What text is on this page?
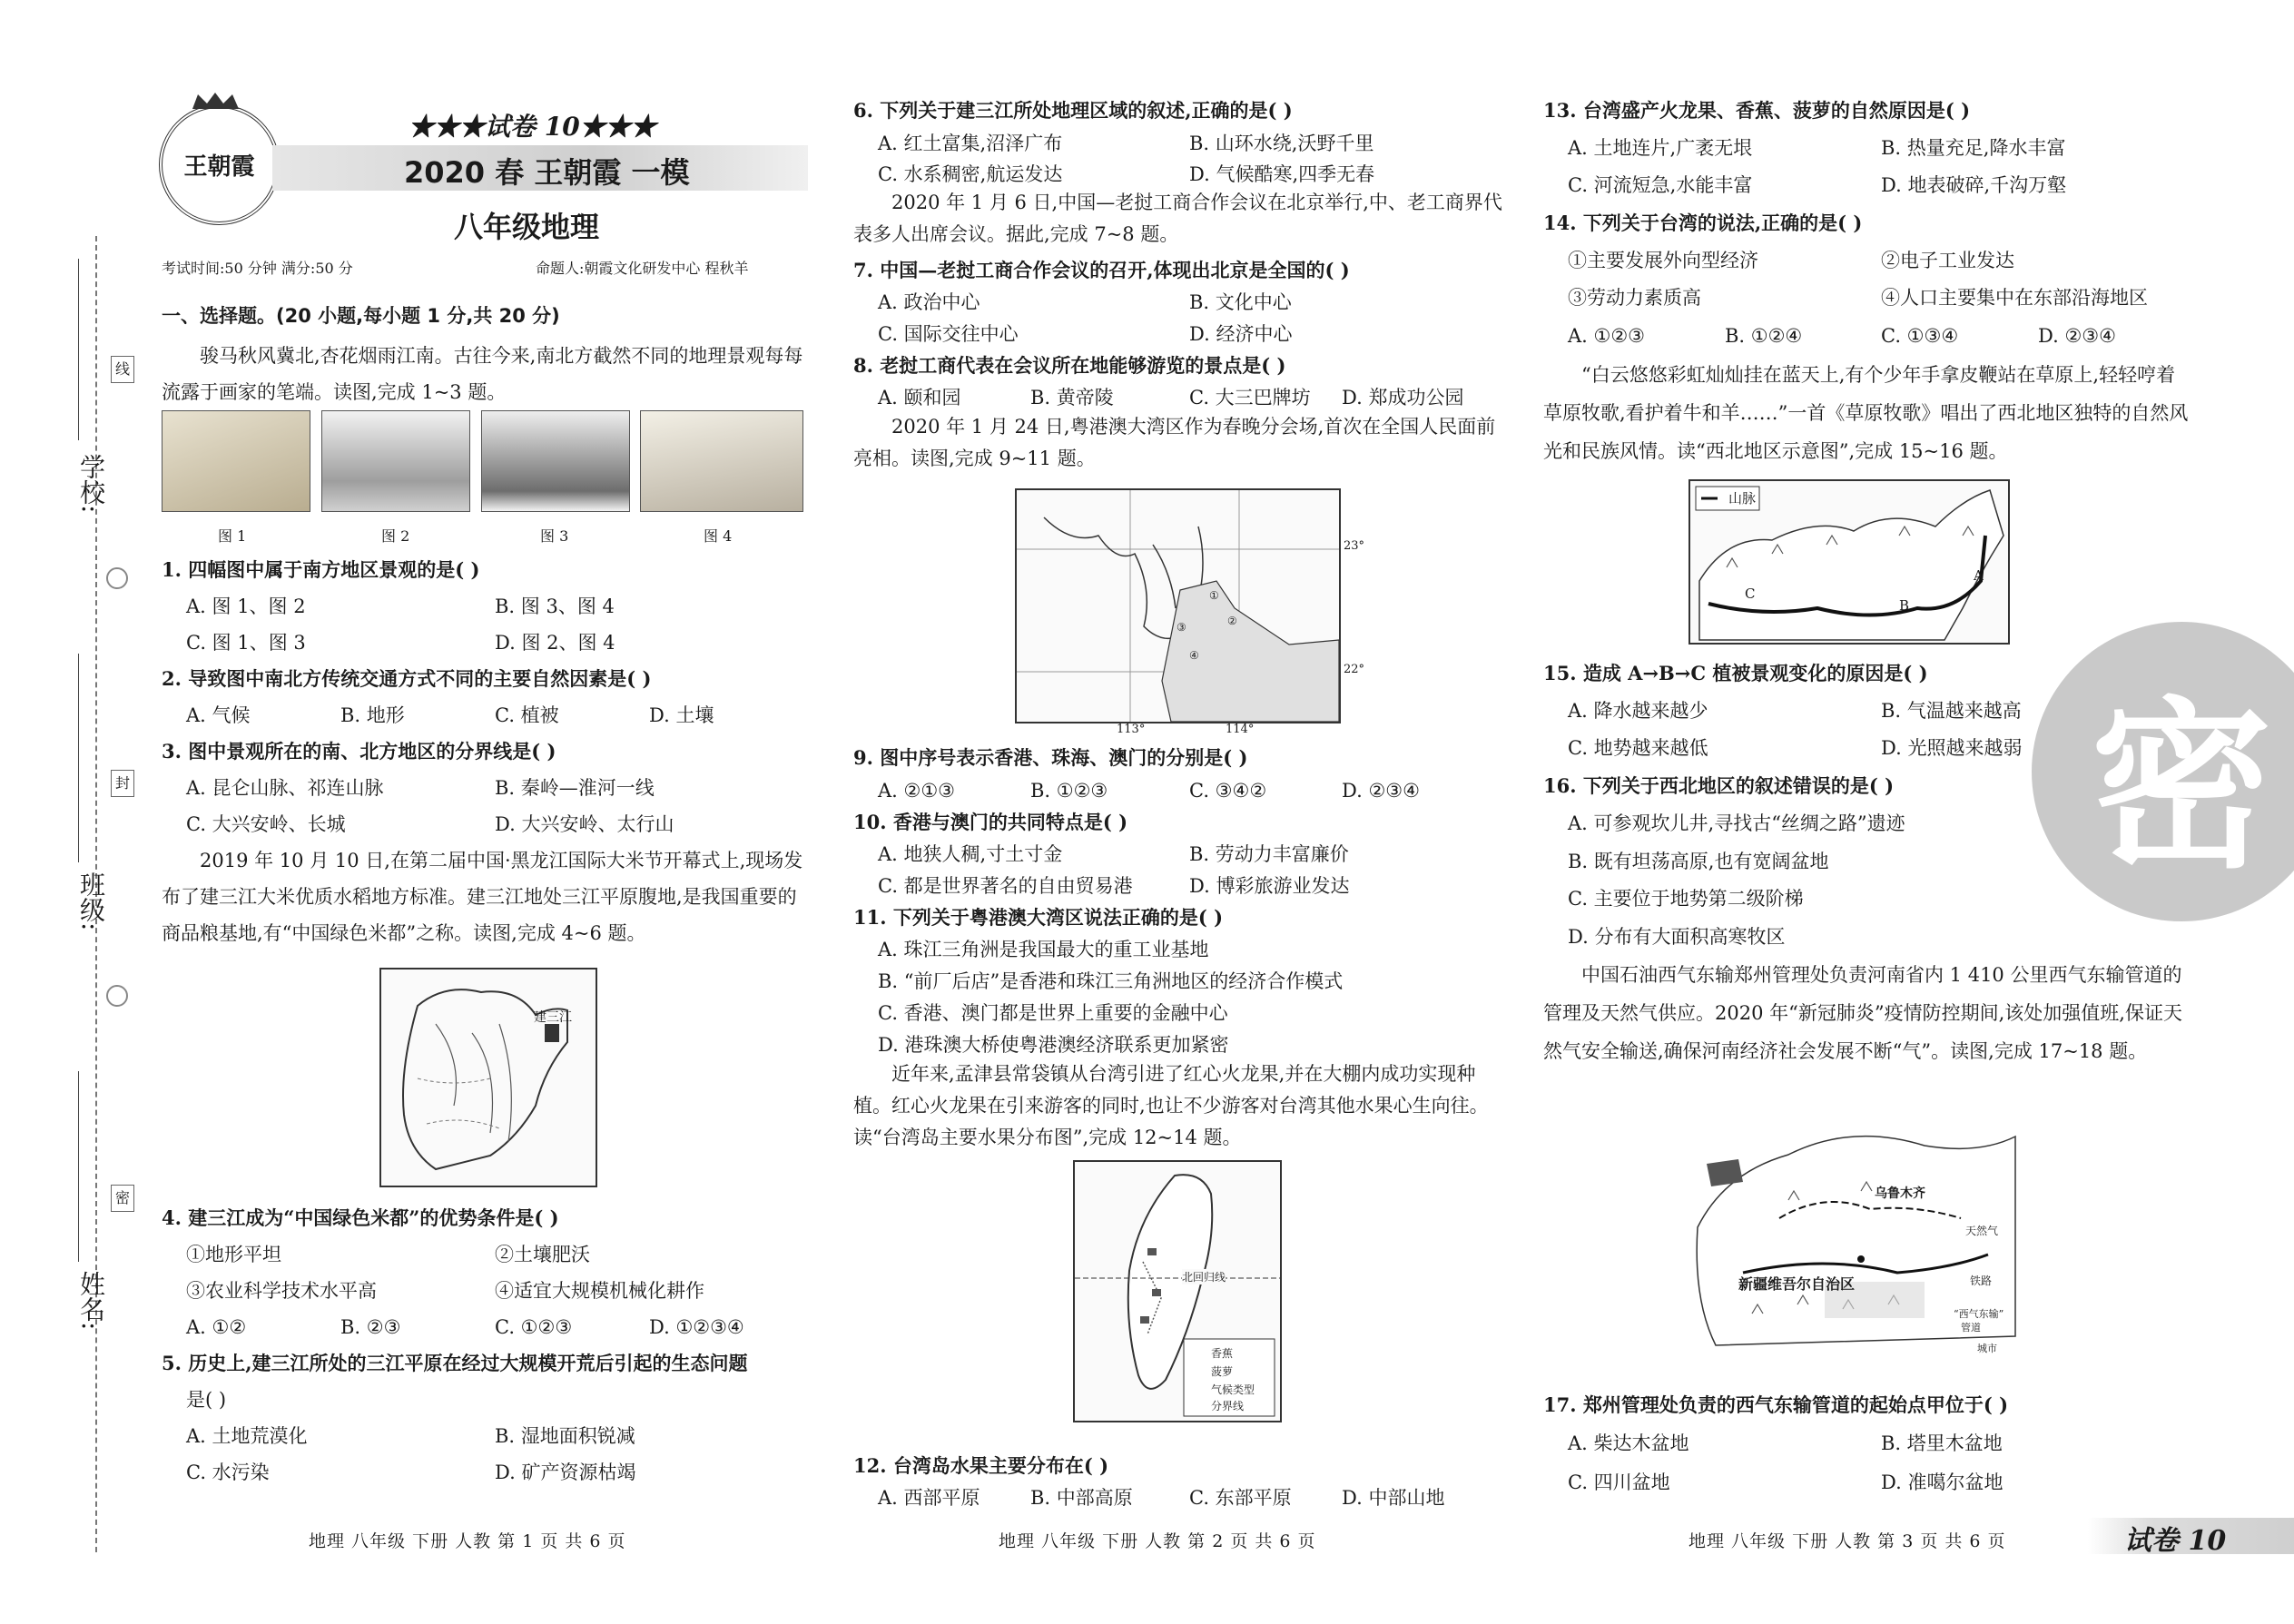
线
封
密
学校:
班级:
姓名:
王朝霞
★★★试卷 10★★★
2020 春 王朝霞 一模
八年级地理
考试时间:50 分钟 满分:50 分	命题人:朝霞文化研发中心 程秋羊
一、选择题。(20 小题,每小题 1 分,共 20 分)
骏马秋风冀北,杏花烟雨江南。古往今来,南北方截然不同的地理景观每每流露于画家的笔端。读图,完成 1~3 题。
图 1	图 2	图 3	图 4
1. 四幅图中属于南方地区景观的是( )
A. 图 1、图 2	B. 图 3、图 4
C. 图 1、图 3	D. 图 2、图 4
2. 导致图中南北方传统交通方式不同的主要自然因素是( )
A. 气候	B. 地形	C. 植被	D. 土壤
3. 图中景观所在的南、北方地区的分界线是( )
A. 昆仑山脉、祁连山脉	B. 秦岭—淮河一线
C. 大兴安岭、长城	D. 大兴安岭、太行山
2019 年 10 月 10 日,在第二届中国·黑龙江国际大米节开幕式上,现场发布了建三江大米优质水稻地方标准。建三江地处三江平原腹地,是我国重要的商品粮基地,有“中国绿色米都”之称。读图,完成 4~6 题。
建三江
4. 建三江成为“中国绿色米都”的优势条件是( )
①地形平坦	②土壤肥沃
③农业科学技术水平高	④适宜大规模机械化耕作
A. ①②	B. ②③	C. ①②③	D. ①②③④
5. 历史上,建三江所处的三江平原在经过大规模开荒后引起的生态问题
是( )
A. 土地荒漠化	B. 湿地面积锐减
C. 水污染	D. 矿产资源枯竭
地理 八年级 下册 人教 第 1 页 共 6 页
6. 下列关于建三江所处地理区域的叙述,正确的是( )
A. 红土富集,沼泽广布	B. 山环水绕,沃野千里
C. 水系稠密,航运发达	D. 气候酷寒,四季无春
2020 年 1 月 6 日,中国—老挝工商合作会议在北京举行,中、老工商界代表多人出席会议。据此,完成 7~8 题。
7. 中国—老挝工商合作会议的召开,体现出北京是全国的( )
A. 政治中心	B. 文化中心
C. 国际交往中心	D. 经济中心
8. 老挝工商代表在会议所在地能够游览的景点是( )
A. 颐和园	B. 黄帝陵	C. 大三巴牌坊 D. 郑成功公园
2020 年 1 月 24 日,粤港澳大湾区作为春晚分会场,首次在全国人民面前亮相。读图,完成 9~11 题。
①
②
③
④
23°
22°
113°	114°
9. 图中序号表示香港、珠海、澳门的分别是( )
A. ②①③	B. ①②③	C. ③④②	D. ②③④
10. 香港与澳门的共同特点是( )
A. 地狭人稠,寸土寸金	B. 劳动力丰富廉价
C. 都是世界著名的自由贸易港	D. 博彩旅游业发达
11. 下列关于粤港澳大湾区说法正确的是( )
A. 珠江三角洲是我国最大的重工业基地
B. “前厂后店”是香港和珠江三角洲地区的经济合作模式
C. 香港、澳门都是世界上重要的金融中心
D. 港珠澳大桥使粤港澳经济联系更加紧密
近年来,孟津县常袋镇从台湾引进了红心火龙果,并在大棚内成功实现种植。红心火龙果在引来游客的同时,也让不少游客对台湾其他水果心生向往。读“台湾岛主要水果分布图”,完成 12~14 题。
北回归线
香蕉
菠萝
气候类型
分界线
12. 台湾岛水果主要分布在( )
A. 西部平原	B. 中部高原	C. 东部平原	D. 中部山地
地理 八年级 下册 人教 第 2 页 共 6 页
13. 台湾盛产火龙果、香蕉、菠萝的自然原因是( )
A. 土地连片,广袤无垠	B. 热量充足,降水丰富
C. 河流短急,水能丰富	D. 地表破碎,千沟万壑
14. 下列关于台湾的说法,正确的是( )
①主要发展外向型经济	②电子工业发达
③劳动力素质高	④人口主要集中在东部沿海地区
A. ①②③	B. ①②④	C. ①③④	D. ②③④
“白云悠悠彩虹灿灿挂在蓝天上,有个少年手拿皮鞭站在草原上,轻轻哼着草原牧歌,看护着牛和羊……”一首《草原牧歌》唱出了西北地区独特的自然风光和民族风情。读“西北地区示意图”,完成 15~16 题。
山脉
A
B
C
15. 造成 A→B→C 植被景观变化的原因是( )
A. 降水越来越少	B. 气温越来越高
C. 地势越来越低	D. 光照越来越弱
16. 下列关于西北地区的叙述错误的是( )
A. 可参观坎儿井,寻找古“丝绸之路”遗迹
B. 既有坦荡高原,也有宽阔盆地
C. 主要位于地势第二级阶梯
D. 分布有大面积高寒牧区
中国石油西气东输郑州管理处负责河南省内 1 410 公里西气东输管道的管理及天然气供应。2020 年“新冠肺炎”疫情防控期间,该处加强值班,保证天然气安全输送,确保河南经济社会发展不断“气”。读图,完成 17~18 题。
乌鲁木齐
新疆维吾尔自治区
天然气
铁路
“西气东输”
管道
城市
17. 郑州管理处负责的西气东输管道的起始点甲位于( )
A. 柴达木盆地	B. 塔里木盆地
C. 四川盆地	D. 准噶尔盆地
地理 八年级 下册 人教 第 3 页 共 6 页	试卷 10
密
